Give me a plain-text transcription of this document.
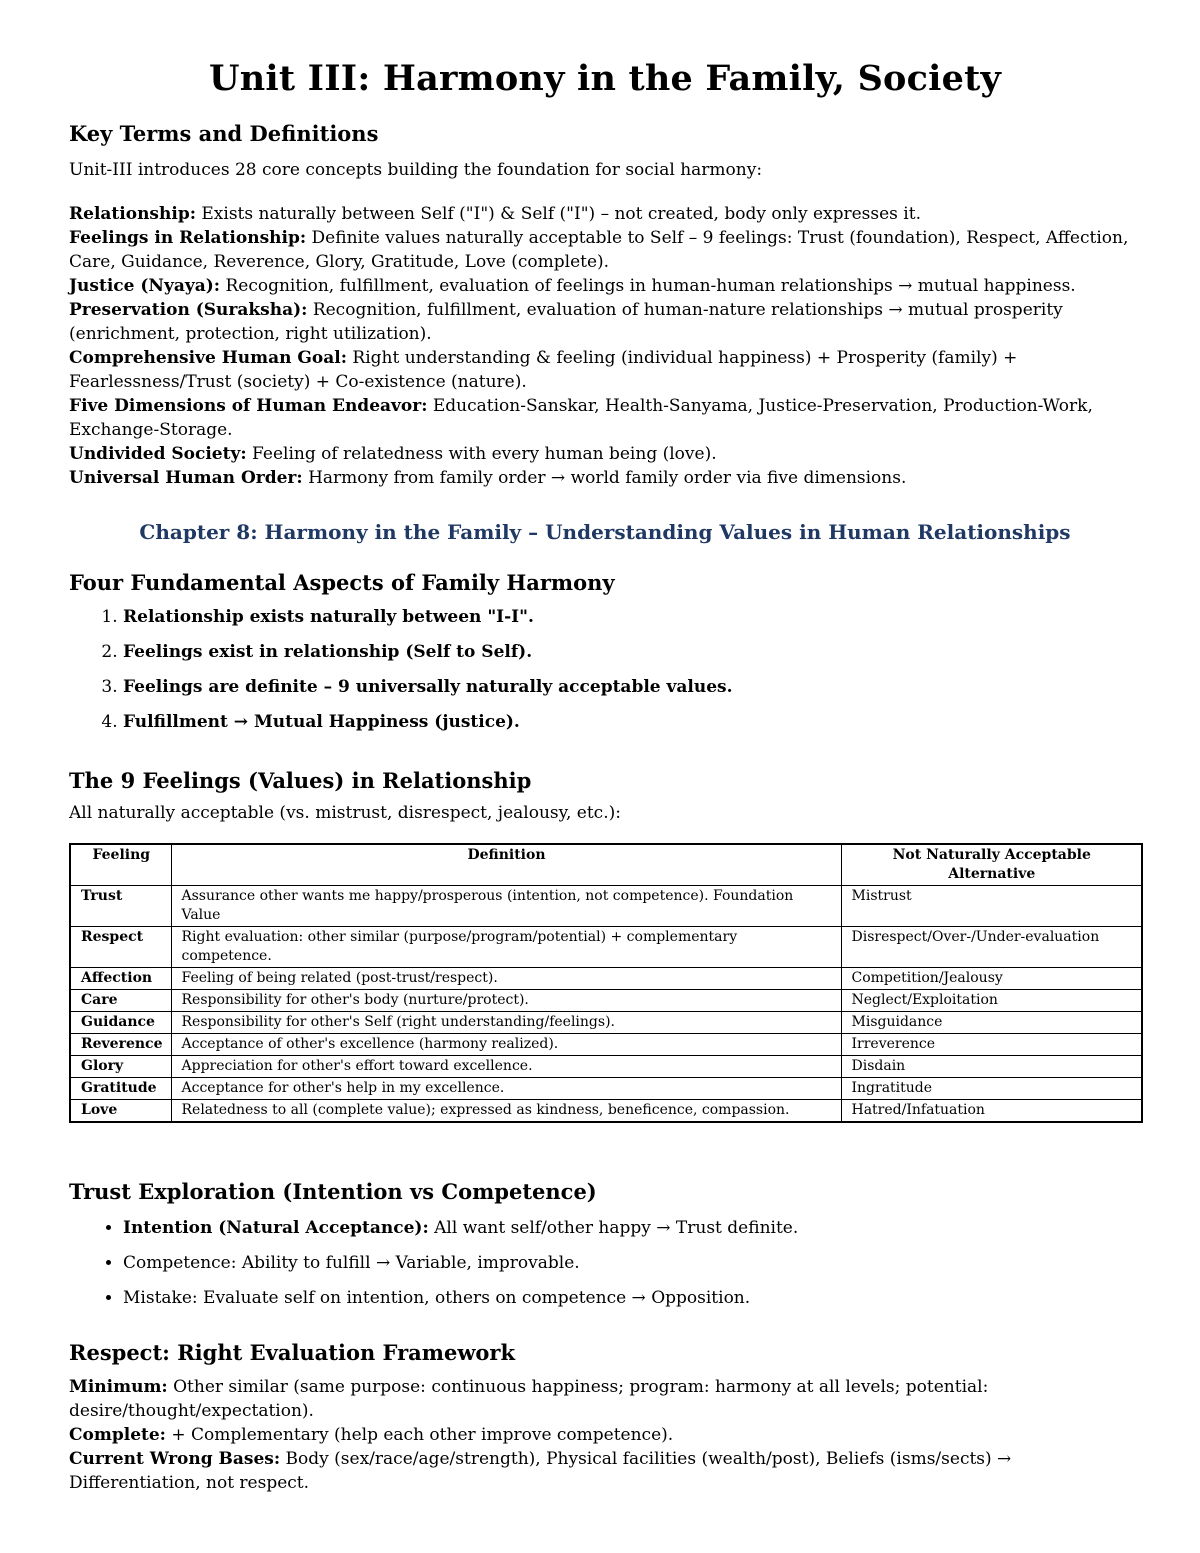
Unit III: Harmony in the Family, Society
Key Terms and Definitions

Unit-III introduces 28 core concepts building the foundation for social harmony:

Relationship: Exists naturally between Self ("I") & Self ("I") – not created, body only expresses it.

Feelings in Relationship: Definite values naturally acceptable to Self – 9 feelings: Trust (foundation), Respect, Affection, Care, Guidance, Reverence, Glory, Gratitude, Love (complete).

Justice (Nyaya): Recognition, fulfillment, evaluation of feelings in human-human relationships → mutual happiness.

Preservation (Suraksha): Recognition, fulfillment, evaluation of human-nature relationships → mutual prosperity (enrichment, protection, right utilization).

Comprehensive Human Goal: Right understanding & feeling (individual happiness) + Prosperity (family) + Fearlessness/Trust (society) + Co-existence (nature).

Five Dimensions of Human Endeavor: Education-Sanskar, Health-Sanyama, Justice-Preservation, Production-Work, Exchange-Storage.

Undivided Society: Feeling of relatedness with every human being (love).

Universal Human Order: Harmony from family order → world family order via five dimensions.

Chapter 8: Harmony in the Family – Understanding Values in Human Relationships
Four Fundamental Aspects of Family Harmony
1. Relationship exists naturally between "I-I".
2. Feelings exist in relationship (Self to Self).
3. Feelings are definite – 9 universally naturally acceptable values.
4. Fulfillment → Mutual Happiness (justice).
The 9 Feelings (Values) in Relationship

All naturally acceptable (vs. mistrust, disrespect, jealousy, etc.):

Feeling	Definition	Not Naturally Acceptable Alternative
Trust	Assurance other wants me happy/prosperous (intention, not competence). Foundation Value	Mistrust
Respect	Right evaluation: other similar (purpose/program/potential) + complementary competence.	Disrespect/Over-/Under-evaluation
Affection	Feeling of being related (post-trust/respect).	Competition/Jealousy
Care	Responsibility for other's body (nurture/protect).	Neglect/Exploitation
Guidance	Responsibility for other's Self (right understanding/feelings).	Misguidance
Reverence	Acceptance of other's excellence (harmony realized).	Irreverence
Glory	Appreciation for other's effort toward excellence.	Disdain
Gratitude	Acceptance for other's help in my excellence.	Ingratitude
Love	Relatedness to all (complete value); expressed as kindness, beneficence, compassion.	Hatred/Infatuation
Trust Exploration (Intention vs Competence)
• Intention (Natural Acceptance): All want self/other happy → Trust definite.
• Competence: Ability to fulfill → Variable, improvable.
• Mistake: Evaluate self on intention, others on competence → Opposition.
Respect: Right Evaluation Framework

Minimum: Other similar (same purpose: continuous happiness; program: harmony at all levels; potential: desire/thought/expectation).

Complete: + Complementary (help each other improve competence).

Current Wrong Bases: Body (sex/race/age/strength), Physical facilities (wealth/post), Beliefs (isms/sects) → Differentiation, not respect.
